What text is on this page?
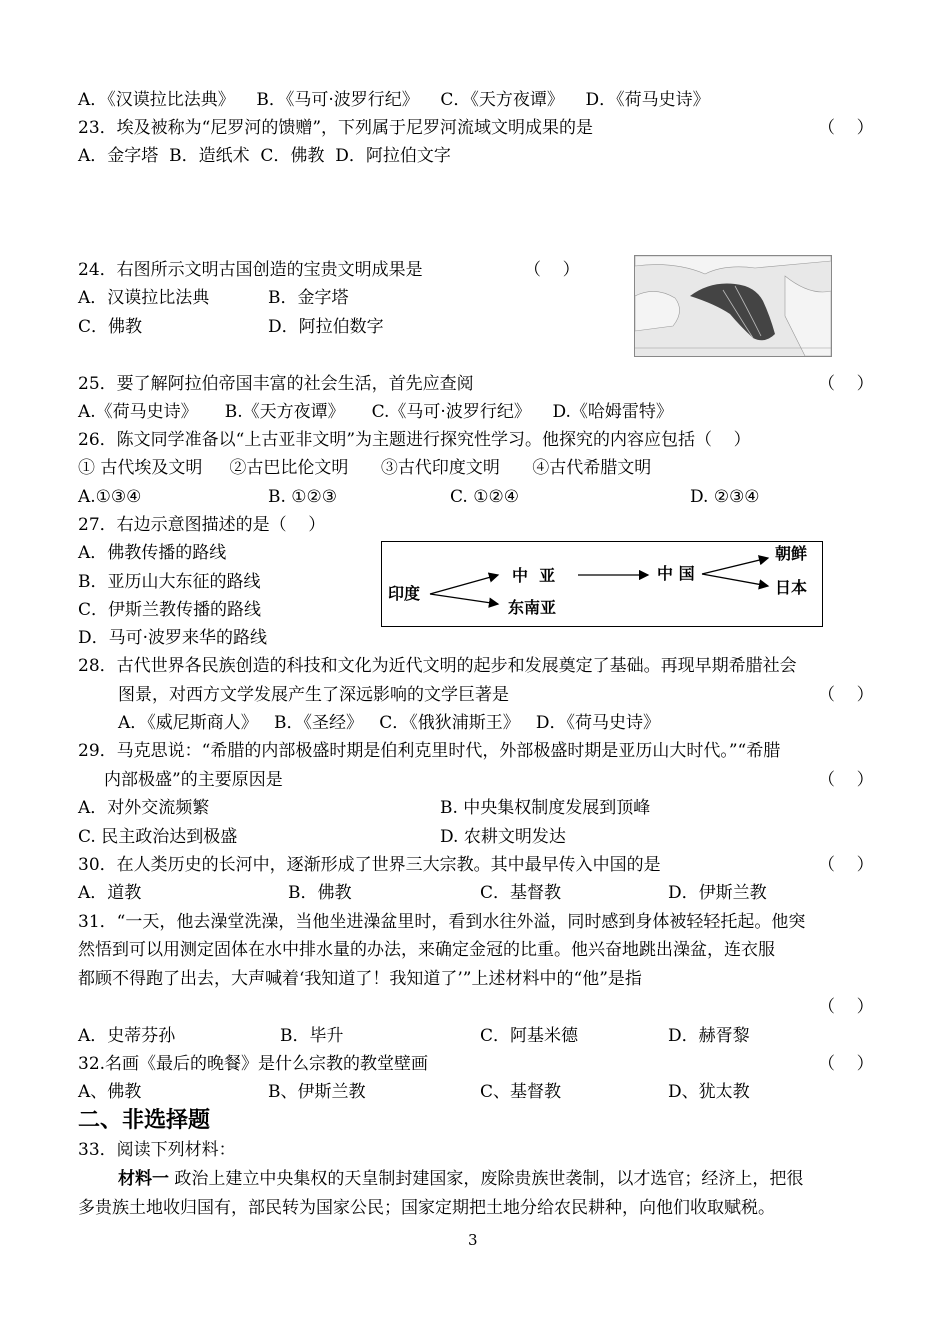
A．《汉谟拉比法典》    B．《马可·波罗行纪》    C．《天方夜谭》    D．《荷马史诗》
23．埃及被称为“尼罗河的馈赠”，下列属于尼罗河流域文明成果的是	（    ）
A．金字塔  B．造纸术  C．佛教  D．阿拉伯文字
24．右图所示文明古国创造的宝贵文明成果是	（    ）
A．汉谟拉比法典	B．金字塔
C．佛教	D．阿拉伯数字
25．要了解阿拉伯帝国丰富的社会生活，首先应查阅	（    ）
A.《荷马史诗》     B.《天方夜谭》     C.《马可·波罗行纪》    D.《哈姆雷特》
26．陈文同学准备以“上古亚非文明”为主题进行探究性学习。他探究的内容应包括（    ）
① 古代埃及文明     ②古巴比伦文明      ③古代印度文明      ④古代希腊文明
A.①③④	B. ①②③	C. ①②④	D. ②③④
27．右边示意图描述的是（    ）
A．佛教传播的路线
B．亚历山大东征的路线
C．伊斯兰教传播的路线
D．马可·波罗来华的路线
印度
中  亚
东南亚
中 国
朝鲜
日本
28．古代世界各民族创造的科技和文化为近代文明的起步和发展奠定了基础。再现早期希腊社会
图景，对西方文学发展产生了深远影响的文学巨著是	（    ）
A．《威尼斯商人》   B．《圣经》   C．《俄狄浦斯王》   D．《荷马史诗》
29．马克思说：“希腊的内部极盛时期是伯利克里时代，外部极盛时期是亚历山大时代。”“希腊
内部极盛”的主要原因是	（    ）
A．对外交流频繁	B. 中央集权制度发展到顶峰
C. 民主政治达到极盛	D. 农耕文明发达
30．在人类历史的长河中，逐渐形成了世界三大宗教。其中最早传入中国的是	（    ）
A．道教	B．佛教	C．基督教	D．伊斯兰教
31．“一天，他去澡堂洗澡，当他坐进澡盆里时，看到水往外溢，同时感到身体被轻轻托起。他突
然悟到可以用测定固体在水中排水量的办法，来确定金冠的比重。他兴奋地跳出澡盆，连衣服
都顾不得跑了出去，大声喊着‘我知道了！我知道了’”上述材料中的“他”是指
（    ）
A．史蒂芬孙	B．毕升	C．阿基米德	D．赫胥黎
32.名画《最后的晚餐》是什么宗教的教堂壁画	（    ）
A、佛教	B、伊斯兰教	C、基督教	D、犹太教
二、非选择题
33．阅读下列材料：
材料一 政治上建立中央集权的天皇制封建国家，废除贵族世袭制，以才选官；经济上，把很
多贵族土地收归国有，部民转为国家公民；国家定期把土地分给农民耕种，向他们收取赋税。
3
